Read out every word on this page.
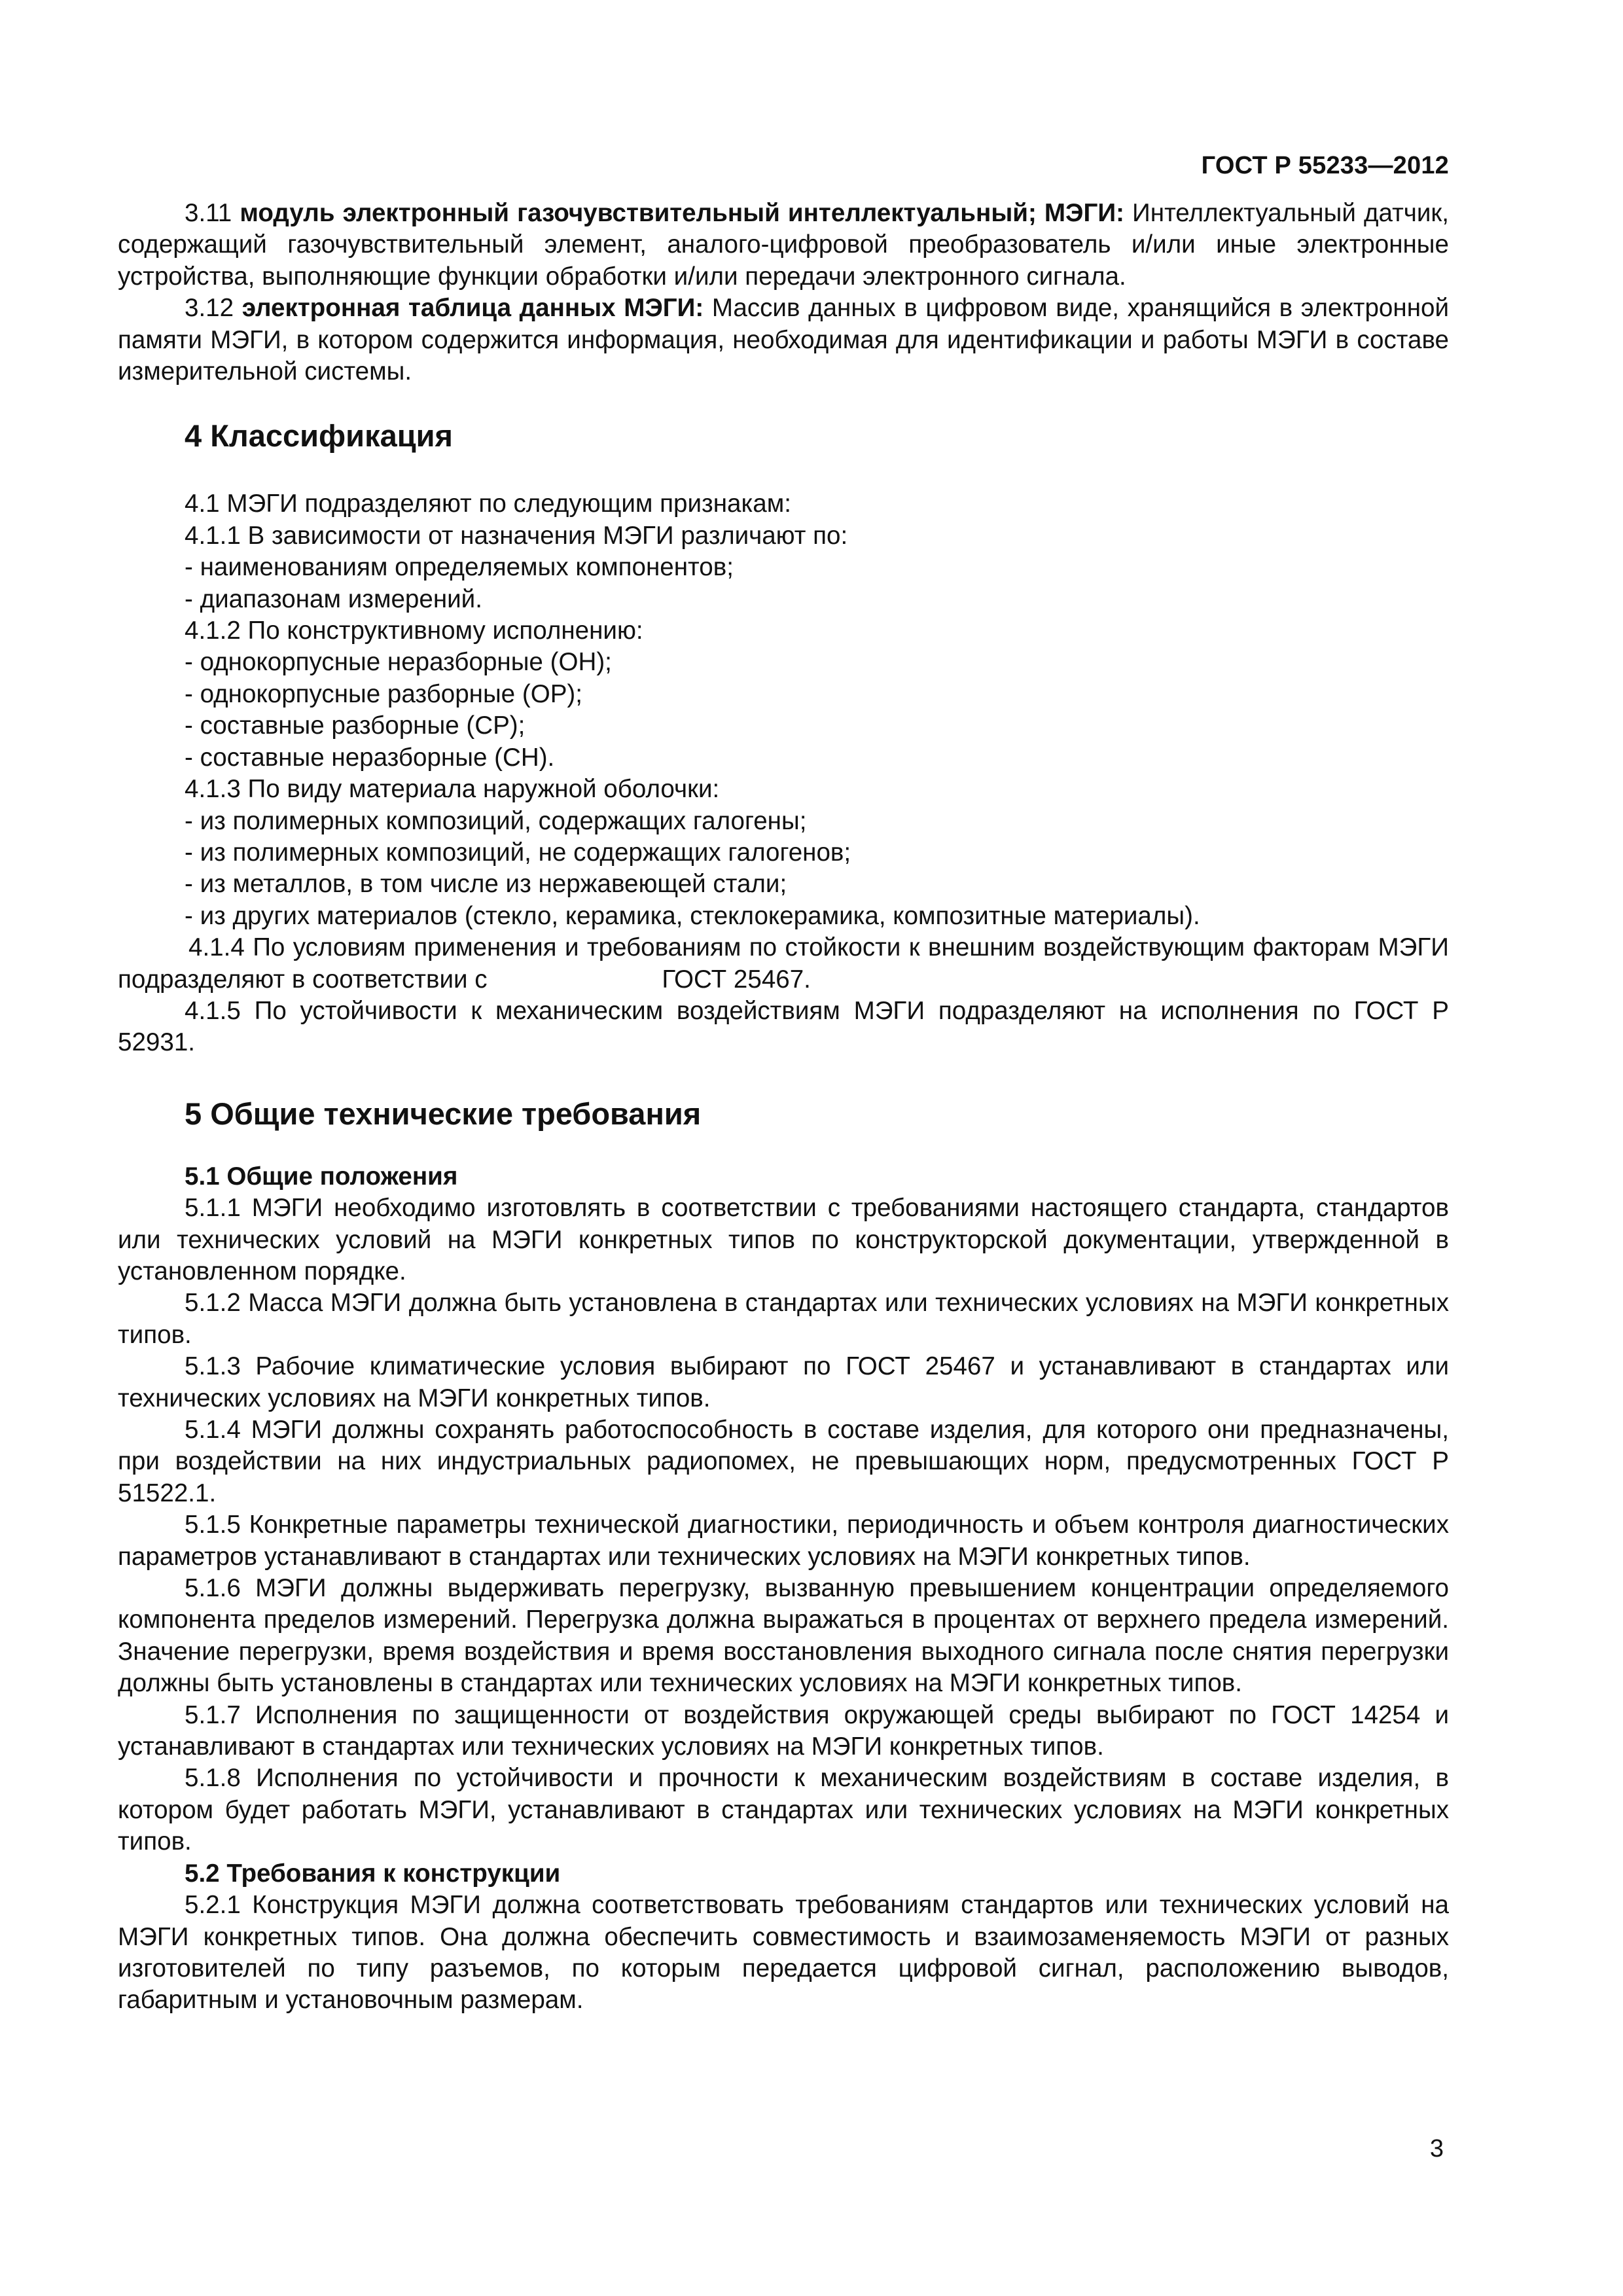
ГОСТ Р 55233—2012

3.11 модуль электронный газочувствительный интеллектуальный; МЭГИ: Интеллектуальный датчик, содержащий газочувствительный элемент, аналого-цифровой преобразователь и/или иные электронные устройства, выполняющие функции обработки и/или передачи электронного сигнала.

3.12 электронная таблица данных МЭГИ: Массив данных в цифровом виде, хранящийся в электронной памяти МЭГИ, в котором содержится информация, необходимая для идентификации и работы МЭГИ в составе измерительной системы.

4 Классификация

4.1 МЭГИ подразделяют по следующим признакам:

4.1.1 В зависимости от назначения МЭГИ различают по:

- наименованиям определяемых компонентов;

- диапазонам измерений.

4.1.2 По конструктивному исполнению:

- однокорпусные неразборные (ОН);

- однокорпусные разборные (ОР);

- составные разборные (СР);

- составные неразборные (СН).

4.1.3 По виду материала наружной оболочки:

- из полимерных композиций, содержащих галогены;

- из полимерных композиций, не содержащих галогенов;

- из металлов, в том числе из нержавеющей стали;

- из других материалов (стекло, керамика, стеклокерамика, композитные материалы).

4.1.4 По условиям применения и требованиям по стойкости к внешним воздействующим факторам МЭГИ подразделяют в соответствии с	ГОСТ 25467.

4.1.5 По устойчивости к механическим воздействиям МЭГИ подразделяют на исполнения по ГОСТ Р 52931.

5 Общие технические требования

5.1 Общие положения

5.1.1 МЭГИ необходимо изготовлять в соответствии с требованиями настоящего стандарта, стандартов или технических условий на МЭГИ конкретных типов по конструкторской документации, утвержденной в установленном порядке.

5.1.2 Масса МЭГИ должна быть установлена в стандартах или технических условиях на МЭГИ конкретных типов.

5.1.3 Рабочие климатические условия выбирают по ГОСТ 25467 и устанавливают в стандартах или технических условиях на МЭГИ конкретных типов.

5.1.4 МЭГИ должны сохранять работоспособность в составе изделия, для которого они предназначены, при воздействии на них индустриальных радиопомех, не превышающих норм, предусмотренных ГОСТ Р 51522.1.

5.1.5 Конкретные параметры технической диагностики, периодичность и объем контроля диагностических параметров устанавливают в стандартах или технических условиях на МЭГИ конкретных типов.

5.1.6 МЭГИ должны выдерживать перегрузку, вызванную превышением концентрации определяемого компонента пределов измерений. Перегрузка должна выражаться в процентах от верхнего предела измерений. Значение перегрузки, время воздействия и время восстановления выходного сигнала после снятия перегрузки должны быть установлены в стандартах или технических условиях на МЭГИ конкретных типов.

5.1.7 Исполнения по защищенности от воздействия окружающей среды выбирают по ГОСТ 14254 и устанавливают в стандартах или технических условиях на МЭГИ конкретных типов.

5.1.8 Исполнения по устойчивости и прочности к механическим воздействиям в составе изделия, в котором будет работать МЭГИ, устанавливают в стандартах или технических условиях на МЭГИ конкретных типов.

5.2 Требования к конструкции

5.2.1 Конструкция МЭГИ должна соответствовать требованиям стандартов или технических условий на МЭГИ конкретных типов. Она должна обеспечить совместимость и взаимозаменяемость МЭГИ от разных изготовителей по типу разъемов, по которым передается цифровой сигнал, расположению выводов, габаритным и установочным размерам.

3
